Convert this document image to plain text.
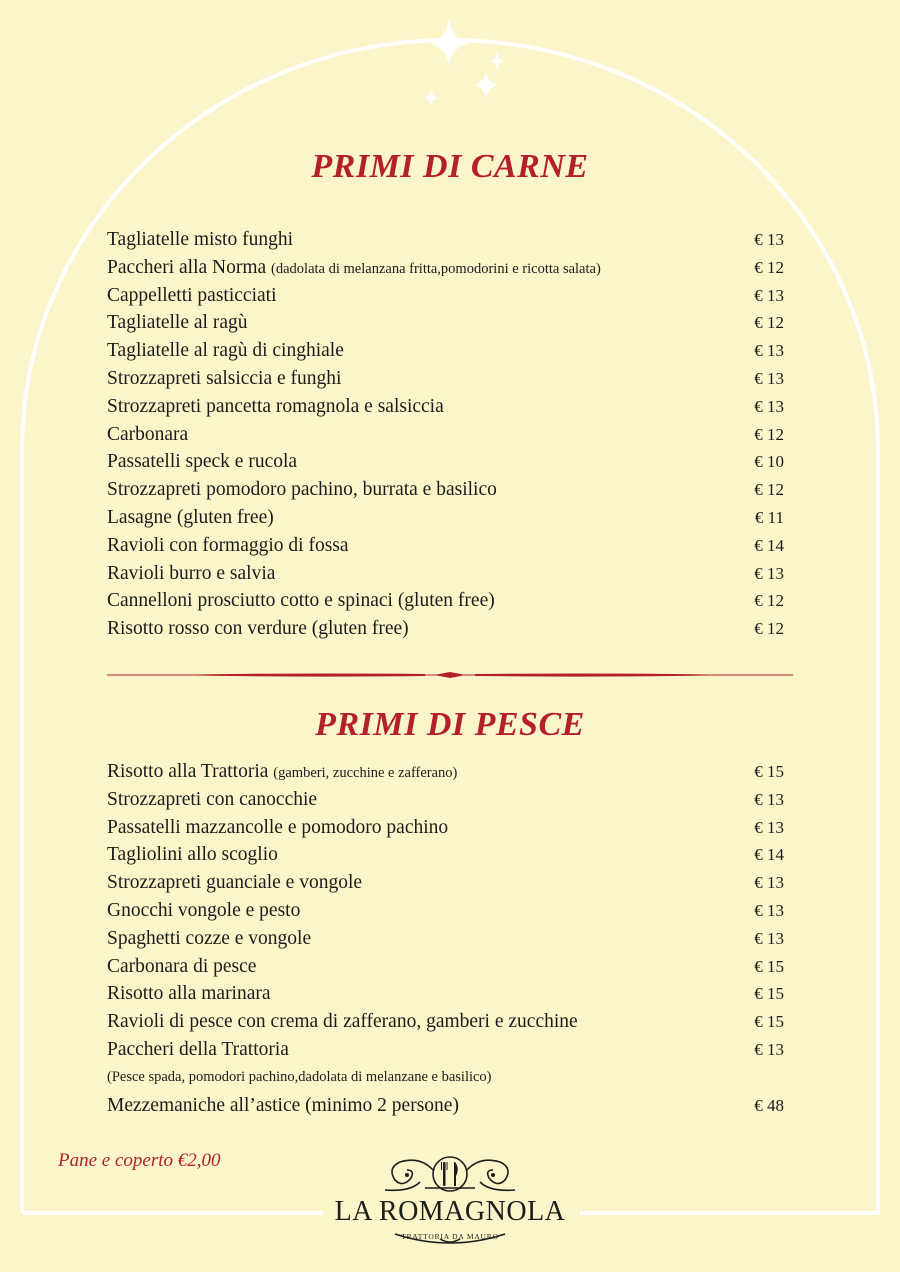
PRIMI DI CARNE
Tagliatelle misto funghi	€ 13
Paccheri alla Norma (dadolata di melanzana fritta,pomodorini e ricotta salata)	€ 12
Cappelletti pasticciati	€ 13
Tagliatelle al ragù	€ 12
Tagliatelle al ragù di cinghiale	€ 13
Strozzapreti salsiccia e funghi	€ 13
Strozzapreti pancetta romagnola e salsiccia	€ 13
Carbonara	€ 12
Passatelli speck e rucola	€ 10
Strozzapreti pomodoro pachino, burrata e basilico	€ 12
Lasagne (gluten free)	€ 11
Ravioli con formaggio di fossa	€ 14
Ravioli burro e salvia	€ 13
Cannelloni prosciutto cotto e spinaci (gluten free)	€ 12
Risotto rosso con verdure (gluten free)	€ 12
PRIMI DI PESCE
Risotto alla Trattoria (gamberi, zucchine e zafferano)	€ 15
Strozzapreti con canocchie	€ 13
Passatelli mazzancolle e pomodoro pachino	€ 13
Tagliolini allo scoglio	€ 14
Strozzapreti guanciale e vongole	€ 13
Gnocchi vongole e pesto	€ 13
Spaghetti cozze e vongole	€ 13
Carbonara di pesce	€ 15
Risotto alla marinara	€ 15
Ravioli di pesce con crema di zafferano, gamberi e zucchine	€ 15
Paccheri della Trattoria	€ 13
(Pesce spada, pomodori pachino,dadolata di melanzane e basilico)
Mezzemaniche all’astice (minimo 2 persone)	€ 48
Pane e coperto €2,00
LA ROMAGNOLA
TRATTORIA DA MAURO
